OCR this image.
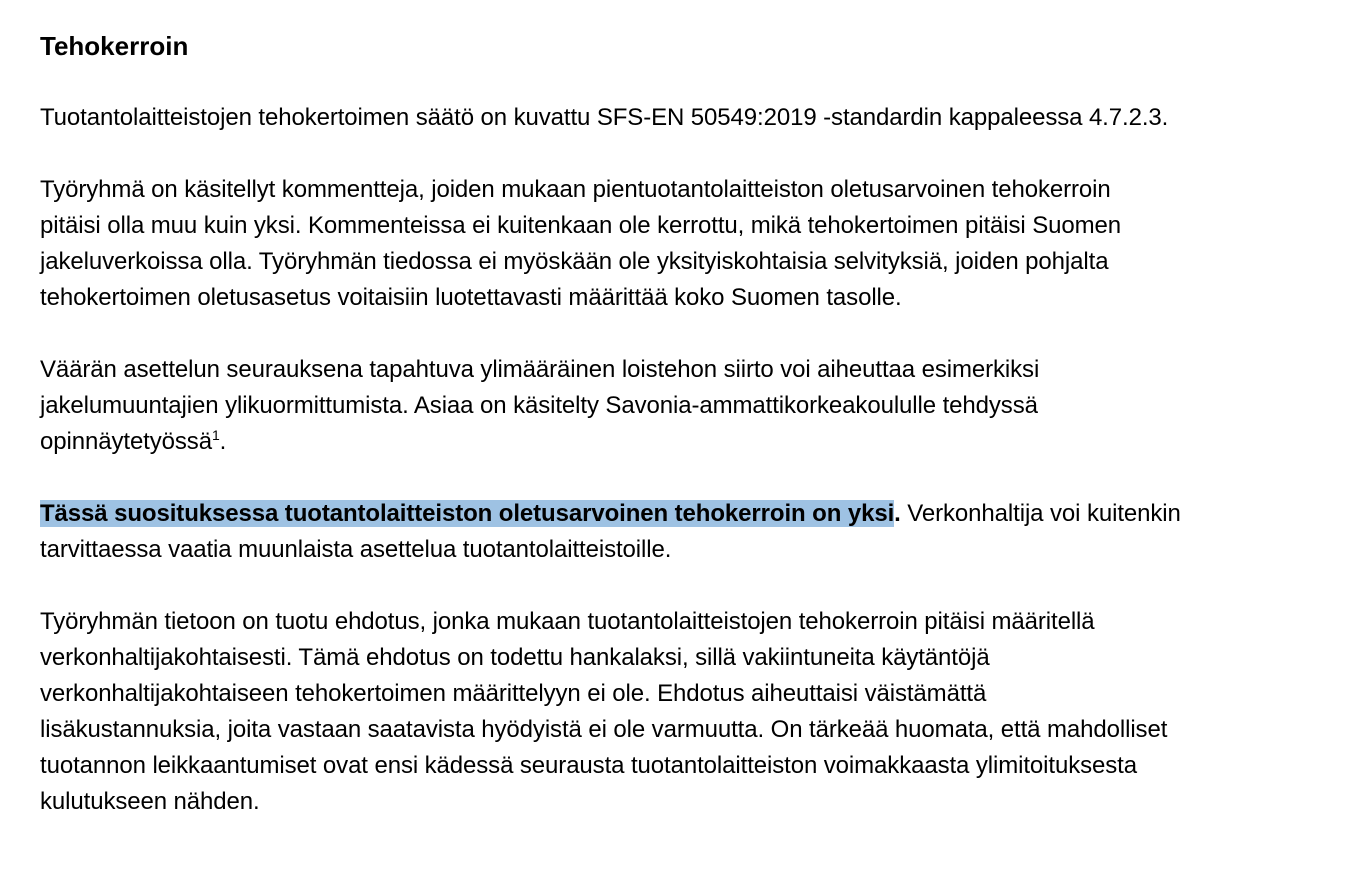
Tehokerroin
Tuotantolaitteistojen tehokertoimen säätö on kuvattu SFS-EN 50549:2019 -standardin kappaleessa 4.7.2.3.
Työryhmä on käsitellyt kommentteja, joiden mukaan pientuotantolaitteiston oletusarvoinen tehokerroin
pitäisi olla muu kuin yksi. Kommenteissa ei kuitenkaan ole kerrottu, mikä tehokertoimen pitäisi Suomen
jakeluverkoissa olla. Työryhmän tiedossa ei myöskään ole yksityiskohtaisia selvityksiä, joiden pohjalta
tehokertoimen oletusasetus voitaisiin luotettavasti määrittää koko Suomen tasolle.
Väärän asettelun seurauksena tapahtuva ylimääräinen loistehon siirto voi aiheuttaa esimerkiksi
jakelumuuntajien ylikuormittumista. Asiaa on käsitelty Savonia-ammattikorkeakoululle tehdyssä
opinnäytetyössä$^1$.
Tässä suosituksessa tuotantolaitteiston oletusarvoinen tehokerroin on yksi. Verkonhaltija voi kuitenkin
tarvittaessa vaatia muunlaista asettelua tuotantolaitteistoille.
Työryhmän tietoon on tuotu ehdotus, jonka mukaan tuotantolaitteistojen tehokerroin pitäisi määritellä
verkonhaltijakohtaisesti. Tämä ehdotus on todettu hankalaksi, sillä vakiintuneita käytäntöjä
verkonhaltijakohtaiseen tehokertoimen määrittelyyn ei ole. Ehdotus aiheuttaisi väistämättä
lisäkustannuksia, joita vastaan saatavista hyödyistä ei ole varmuutta. On tärkeää huomata, että mahdolliset
tuotannon leikkaantumiset ovat ensi kädessä seurausta tuotantolaitteiston voimakkaasta ylimitoituksesta
kulutukseen nähden.
